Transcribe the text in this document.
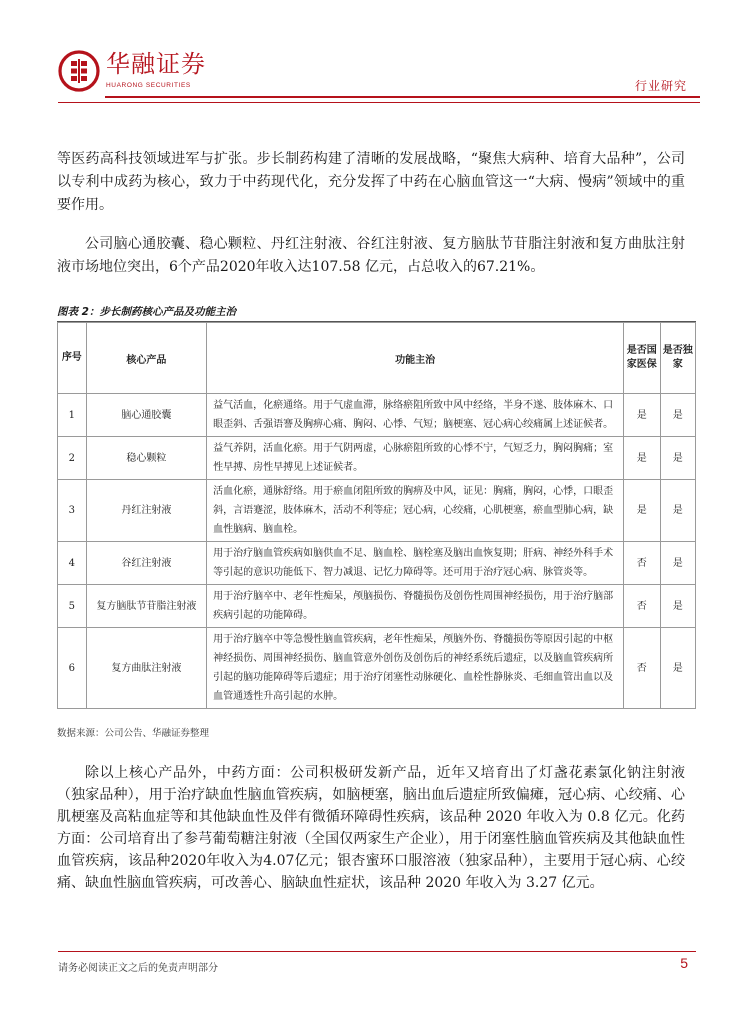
华融证券
HUARONG SECURITIES	行业研究
等医药高科技领域进军与扩张。步长制药构建了清晰的发展战略，“聚焦大病种、培育大品种”，公司以专利中成药为核心，致力于中药现代化，充分发挥了中药在心脑血管这一“大病、慢病”领域中的重要作用。
公司脑心通胶囊、稳心颗粒、丹红注射液、谷红注射液、复方脑肽节苷脂注射液和复方曲肽注射液市场地位突出，6个产品2020年收入达107.58 亿元，占总收入的67.21%。
图表 2：步长制药核心产品及功能主治
序号	核心产品	功能主治	是否国家医保	是否独家
1	脑心通胶囊	益气活血，化瘀通络。用于气虚血滞，脉络瘀阻所致中风中经络，半身不遂、肢体麻木、口眼歪斜、舌强语謇及胸痹心痛、胸闷、心悸、气短；脑梗塞、冠心病心绞痛属上述证候者。	是	是
2	稳心颗粒	益气养阴，活血化瘀。用于气阴两虚，心脉瘀阻所致的心悸不宁，气短乏力，胸闷胸痛；室性早搏、房性早搏见上述证候者。	是	是
3	丹红注射液	活血化瘀，通脉舒络。用于瘀血闭阻所致的胸痹及中风，证见：胸痛，胸闷，心悸，口眼歪斜，言语蹇涩，肢体麻木，活动不利等症；冠心病，心绞痛，心肌梗塞，瘀血型肺心病，缺血性脑病、脑血栓。	是	是
4	谷红注射液	用于治疗脑血管疾病如脑供血不足、脑血栓、脑栓塞及脑出血恢复期；肝病、神经外科手术等引起的意识功能低下、智力减退、记忆力障碍等。还可用于治疗冠心病、脉管炎等。	否	是
5	复方脑肽节苷脂注射液	用于治疗脑卒中、老年性痴呆，颅脑损伤、脊髓损伤及创伤性周围神经损伤，用于治疗脑部疾病引起的功能障碍。	否	是
6	复方曲肽注射液	用于治疗脑卒中等急慢性脑血管疾病，老年性痴呆，颅脑外伤、脊髓损伤等原因引起的中枢神经损伤、周围神经损伤、脑血管意外创伤及创伤后的神经系统后遗症，以及脑血管疾病所引起的脑功能障碍等后遗症；用于治疗闭塞性动脉硬化、血栓性静脉炎、毛细血管出血以及血管通透性升高引起的水肿。	否	是
数据来源：公司公告、华融证券整理
除以上核心产品外，中药方面：公司积极研发新产品，近年又培育出了灯盏花素氯化钠注射液（独家品种），用于治疗缺血性脑血管疾病，如脑梗塞，脑出血后遗症所致偏瘫，冠心病、心绞痛、心肌梗塞及高粘血症等和其他缺血性及伴有微循环障碍性疾病，该品种 2020 年收入为 0.8 亿元。化药方面：公司培育出了参芎葡萄糖注射液（全国仅两家生产企业），用于闭塞性脑血管疾病及其他缺血性血管疾病，该品种2020年收入为4.07亿元；银杏蜜环口服溶液（独家品种），主要用于冠心病、心绞痛、缺血性脑血管疾病，可改善心、脑缺血性症状，该品种 2020 年收入为 3.27 亿元。
请务必阅读正文之后的免责声明部分	5
